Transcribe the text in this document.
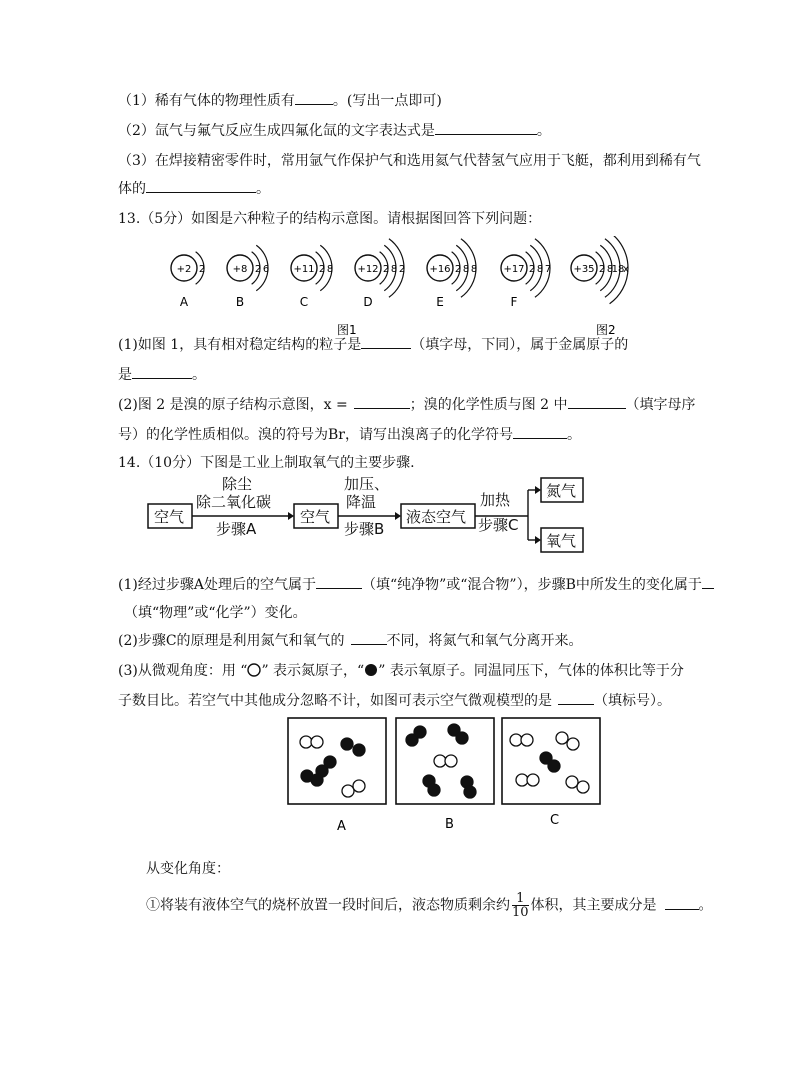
（1）稀有气体的物理性质有	。(写出一点即可)
（2）氙气与氟气反应生成四氟化氙的文字表达式是	。
（3）在焊接精密零件时，常用氩气作保护气和选用氦气代替氢气应用于飞艇，都利用到稀有气
体的	。
13.（5分）如图是六种粒子的结构示意图。请根据图回答下列问题：
+2 2
A
+8 2 6
B
+11 2 8
C
+12 2 8 2
D
+16 2 8 8
E
+17 2 8 7
F
+35 2 8
18
x
图1	图2
(1)如图 1，具有相对稳定结构的粒子是	（填字母，下同），属于金属原子的
是	。
(2)图 2 是溴的原子结构示意图，x =	；溴的化学性质与图 2 中	（填字母序
号）的化学性质相似。溴的符号为Br，请写出溴离子的化学符号	。
14.（10分）下图是工业上制取氧气的主要步骤.
空气
除尘
除二氧化碳
步骤A
空气
加压、
降温
步骤B
液态空气
加热
步骤C
氮气
氧气
(1)经过步骤A处理后的空气属于	（填“纯净物”或“混合物”），步骤B中所发生的变化属于
（填“物理”或“化学”）变化。
(2)步骤C的原理是利用氮气和氧气的	不同，将氮气和氧气分离开来。
(3)从微观角度：用 “ ” 表示氮原子，“ ” 表示氧原子。同温同压下，气体的体积比等于分
子数目比。若空气中其他成分忽略不计，如图可表示空气微观模型的是	（填标号）。
A	B	C
从变化角度：
①将装有液体空气的烧杯放置一段时间后，液态物质剩余约 $\frac{1}{10}$ 体积，其主要成分是	。
